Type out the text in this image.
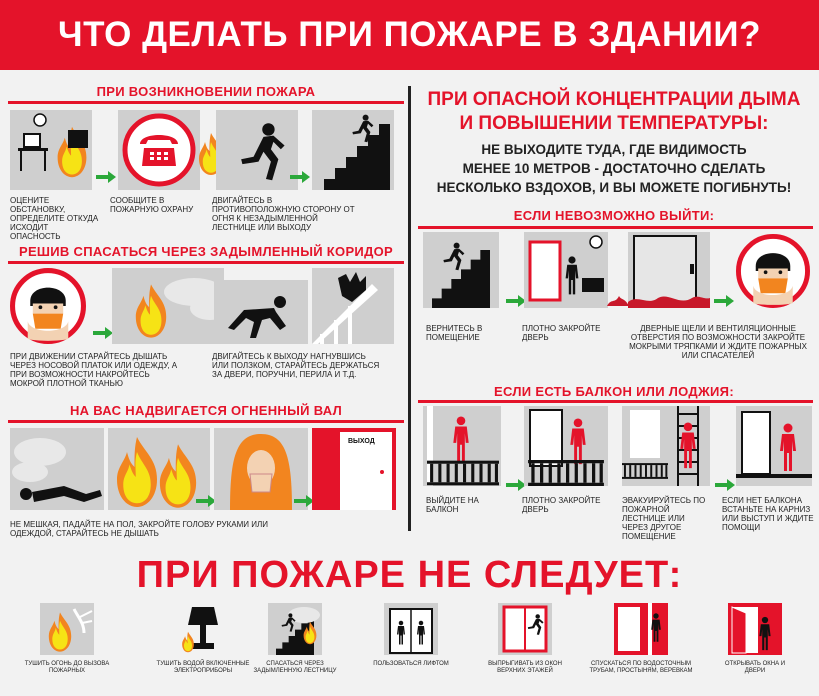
ЧТО ДЕЛАТЬ ПРИ ПОЖАРЕ В ЗДАНИИ?
ПРИ ВОЗНИКНОВЕНИИ ПОЖАРА
ОЦЕНИТЕ ОБСТАНОВКУ, ОПРЕДЕЛИТЕ ОТКУДА ИСХОДИТ ОПАСНОСТЬ
СООБЩИТЕ В ПОЖАРНУЮ ОХРАНУ
ДВИГАЙТЕСЬ В ПРОТИВОПОЛОЖНУЮ СТОРОНУ ОТ ОГНЯ К НЕЗАДЫМЛЕННОЙ ЛЕСТНИЦЕ ИЛИ ВЫХОДУ
РЕШИВ СПАСАТЬСЯ ЧЕРЕЗ ЗАДЫМЛЕННЫЙ КОРИДОР
ПРИ ДВИЖЕНИИ СТАРАЙТЕСЬ ДЫШАТЬ ЧЕРЕЗ НОСОВОЙ ПЛАТОК ИЛИ ОДЕЖДУ, А ПРИ ВОЗМОЖНОСТИ НАКРОЙТЕСЬ МОКРОЙ ПЛОТНОЙ ТКАНЬЮ
ДВИГАЙТЕСЬ К ВЫХОДУ НАГНУВШИСЬ ИЛИ ПОЛЗКОМ, СТАРАЙТЕСЬ ДЕРЖАТЬСЯ ЗА ДВЕРИ, ПОРУЧНИ, ПЕРИЛА И Т.Д.
НА ВАС НАДВИГАЕТСЯ ОГНЕННЫЙ ВАЛ
ВЫХОД
НЕ МЕШКАЯ, ПАДАЙТЕ НА ПОЛ, ЗАКРОЙТЕ ГОЛОВУ РУКАМИ ИЛИ ОДЕЖДОЙ, СТАРАЙТЕСЬ НЕ ДЫШАТЬ
ПРИ ОПАСНОЙ КОНЦЕНТРАЦИИ ДЫМА
И ПОВЫШЕНИИ ТЕМПЕРАТУРЫ:
НЕ ВЫХОДИТЕ ТУДА, ГДЕ ВИДИМОСТЬ
МЕНЕЕ 10 МЕТРОВ - ДОСТАТОЧНО СДЕЛАТЬ
НЕСКОЛЬКО ВЗДОХОВ, И ВЫ МОЖЕТЕ ПОГИБНУТЬ!
ЕСЛИ НЕВОЗМОЖНО ВЫЙТИ:
ВЕРНИТЕСЬ В ПОМЕЩЕНИЕ
ПЛОТНО ЗАКРОЙТЕ ДВЕРЬ
ДВЕРНЫЕ ЩЕЛИ И ВЕНТИЛЯЦИОННЫЕ ОТВЕРСТИЯ ПО ВОЗМОЖНОСТИ ЗАКРОЙТЕ МОКРЫМИ ТРЯПКАМИ И ЖДИТЕ ПОЖАРНЫХ ИЛИ СПАСАТЕЛЕЙ
ЕСЛИ ЕСТЬ БАЛКОН ИЛИ ЛОДЖИЯ:
ВЫЙДИТЕ НА БАЛКОН
ПЛОТНО ЗАКРОЙТЕ ДВЕРЬ
ЭВАКУИРУЙТЕСЬ ПО ПОЖАРНОЙ ЛЕСТНИЦЕ ИЛИ ЧЕРЕЗ ДРУГОЕ ПОМЕЩЕНИЕ
ЕСЛИ НЕТ БАЛКОНА ВСТАНЬТЕ НА КАРНИЗ ИЛИ ВЫСТУП И ЖДИТЕ ПОМОЩИ
ПРИ ПОЖАРЕ НЕ СЛЕДУЕТ:
ТУШИТЬ ОГОНЬ ДО ВЫЗОВА ПОЖАРНЫХ
ТУШИТЬ ВОДОЙ ВКЛЮЧЕННЫЕ ЭЛЕКТРОПРИБОРЫ
СПАСАТЬСЯ ЧЕРЕЗ ЗАДЫМЛЕННУЮ ЛЕСТНИЦУ
ПОЛЬЗОВАТЬСЯ ЛИФТОМ	ВЫПРЫГИВАТЬ ИЗ ОКОН ВЕРХНИХ ЭТАЖЕЙ
СПУСКАТЬСЯ ПО ВОДОСТОЧНЫМ ТРУБАМ, ПРОСТЫНЯМ, ВЕРЕВКАМ
ОТКРЫВАТЬ ОКНА И ДВЕРИ
